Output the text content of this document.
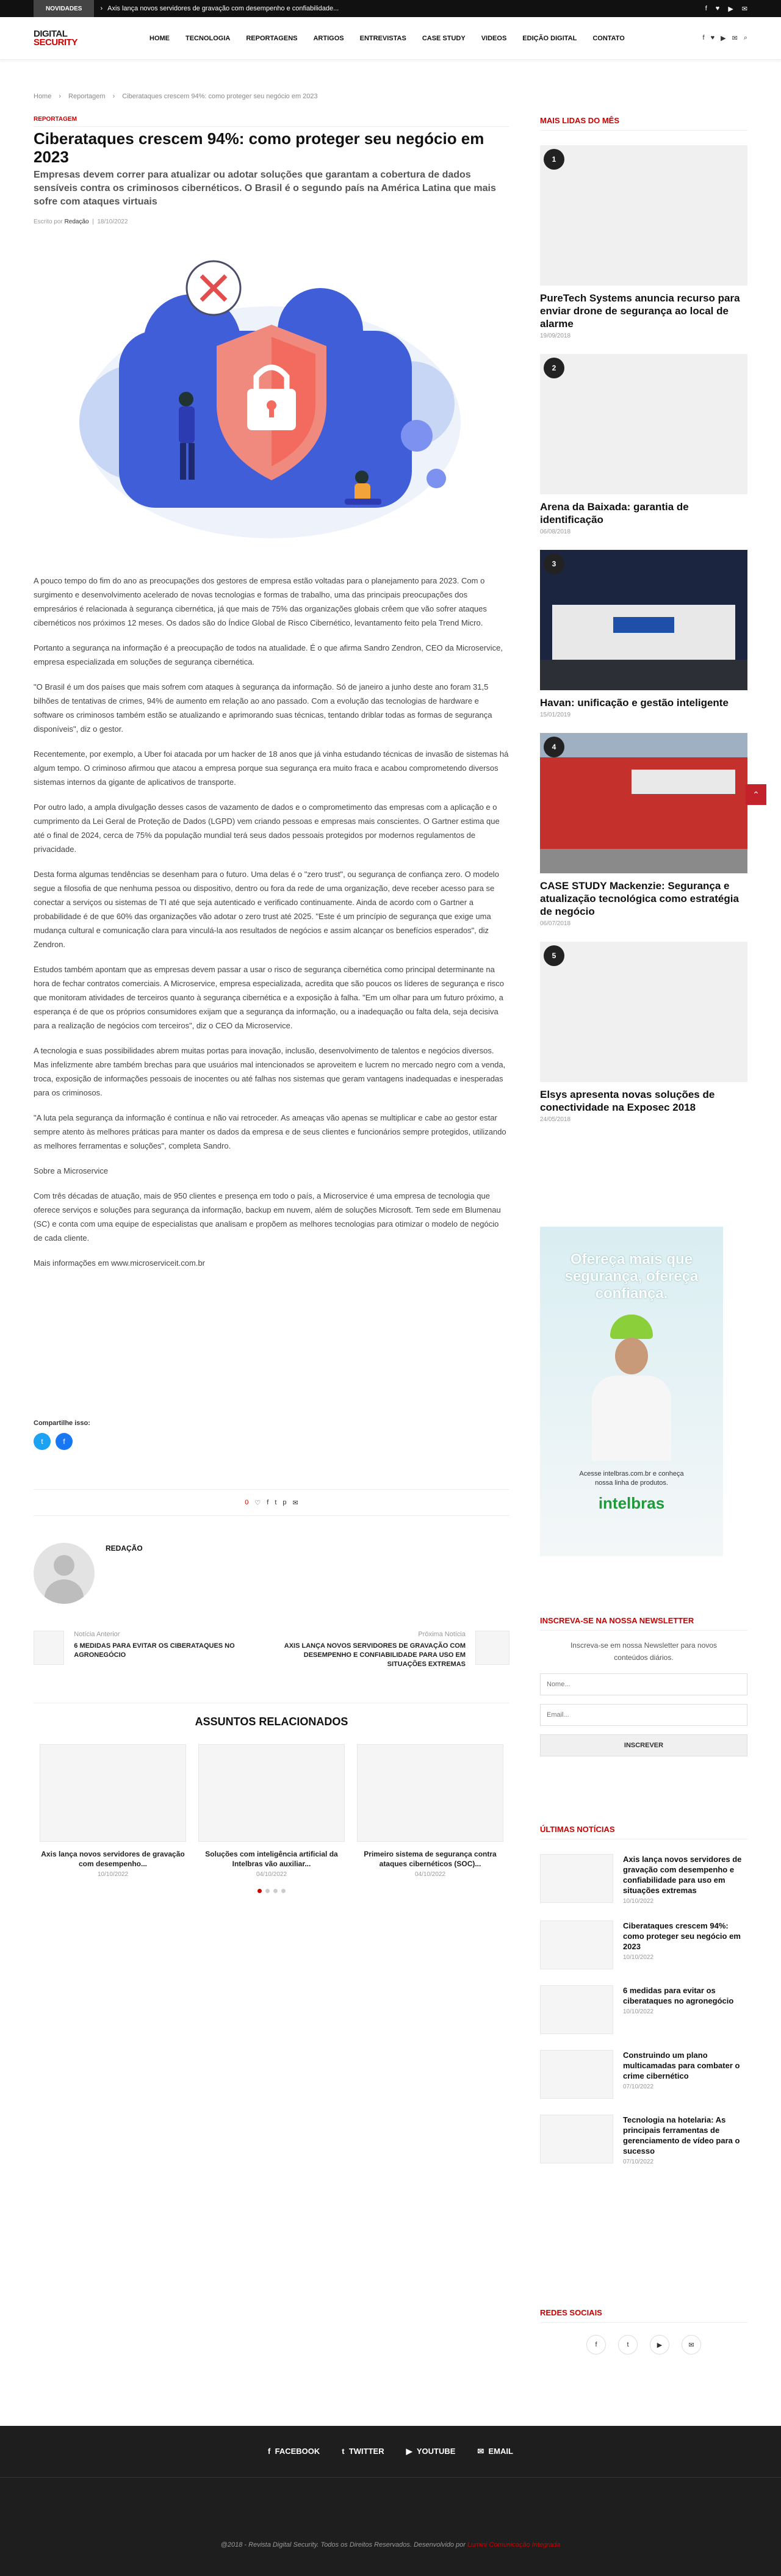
NOVIDADES	› Axis lança novos servidores de gravação com desempenho e confiabilidade...	f ♥ ▶ ✉
DIGITAL
SECURITY	HOME TECNOLOGIA REPORTAGENS ARTIGOS ENTREVISTAS CASE STUDY VIDEOS EDIÇÃO DIGITAL CONTATO	f ♥ ▶ ✉ ⌕
Home › Reportagem › Ciberataques crescem 94%: como proteger seu negócio em 2023
REPORTAGEM
Ciberataques crescem 94%: como proteger seu negócio em 2023
Empresas devem correr para atualizar ou adotar soluções que garantam a cobertura de dados sensíveis contra os criminosos cibernéticos. O Brasil é o segundo país na América Latina que mais sofre com ataques virtuais
Escrito por Redação  |  18/10/2022

A pouco tempo do fim do ano as preocupações dos gestores de empresa estão voltadas para o planejamento para 2023. Com o surgimento e desenvolvimento acelerado de novas tecnologias e formas de trabalho, uma das principais preocupações dos empresários é relacionada à segurança cibernética, já que mais de 75% das organizações globais crêem que vão sofrer ataques cibernéticos nos próximos 12 meses. Os dados são do Índice Global de Risco Cibernético, levantamento feito pela Trend Micro.

Portanto a segurança na informação é a preocupação de todos na atualidade. É o que afirma Sandro Zendron, CEO da Microservice, empresa especializada em soluções de segurança cibernética.

"O Brasil é um dos países que mais sofrem com ataques à segurança da informação. Só de janeiro a junho deste ano foram 31,5 bilhões de tentativas de crimes, 94% de aumento em relação ao ano passado. Com a evolução das tecnologias de hardware e software os criminosos também estão se atualizando e aprimorando suas técnicas, tentando driblar todas as formas de segurança disponíveis", diz o gestor.

Recentemente, por exemplo, a Uber foi atacada por um hacker de 18 anos que já vinha estudando técnicas de invasão de sistemas há algum tempo. O criminoso afirmou que atacou a empresa porque sua segurança era muito fraca e acabou comprometendo diversos sistemas internos da gigante de aplicativos de transporte.

Por outro lado, a ampla divulgação desses casos de vazamento de dados e o comprometimento das empresas com a aplicação e o cumprimento da Lei Geral de Proteção de Dados (LGPD) vem criando pessoas e empresas mais conscientes. O Gartner estima que até o final de 2024, cerca de 75% da população mundial terá seus dados pessoais protegidos por modernos regulamentos de privacidade.

Desta forma algumas tendências se desenham para o futuro. Uma delas é o "zero trust", ou segurança de confiança zero. O modelo segue a filosofia de que nenhuma pessoa ou dispositivo, dentro ou fora da rede de uma organização, deve receber acesso para se conectar a serviços ou sistemas de TI até que seja autenticado e verificado continuamente. Ainda de acordo com o Gartner a probabilidade é de que 60% das organizações vão adotar o zero trust até 2025. "Este é um princípio de segurança que exige uma mudança cultural e comunicação clara para vinculá-la aos resultados de negócios e assim alcançar os benefícios esperados", diz Zendron.

Estudos também apontam que as empresas devem passar a usar o risco de segurança cibernética como principal determinante na hora de fechar contratos comerciais. A Microservice, empresa especializada, acredita que são poucos os líderes de segurança e risco que monitoram atividades de terceiros quanto à segurança cibernética e a exposição à falha. "Em um olhar para um futuro próximo, a esperança é de que os próprios consumidores exijam que a segurança da informação, ou a inadequação ou falta dela, seja decisiva para a realização de negócios com terceiros", diz o CEO da Microservice.

A tecnologia e suas possibilidades abrem muitas portas para inovação, inclusão, desenvolvimento de talentos e negócios diversos. Mas infelizmente abre também brechas para que usuários mal intencionados se aproveitem e lucrem no mercado negro com a venda, troca, exposição de informações pessoais de inocentes ou até falhas nos sistemas que geram vantagens inadequadas e inesperadas para os criminosos.

"A luta pela segurança da informação é contínua e não vai retroceder. As ameaças vão apenas se multiplicar e cabe ao gestor estar sempre atento às melhores práticas para manter os dados da empresa e de seus clientes e funcionários sempre protegidos, utilizando as melhores ferramentas e soluções", completa Sandro.

Sobre a Microservice

Com três décadas de atuação, mais de 950 clientes e presença em todo o país, a Microservice é uma empresa de tecnologia que oferece serviços e soluções para segurança da informação, backup em nuvem, além de soluções Microsoft. Tem sede em Blumenau (SC) e conta com uma equipe de especialistas que analisam e propõem as melhores tecnologias para otimizar o modelo de negócio de cada cliente.

Mais informações em www.microserviceit.com.br

Compartilhe isso:
t	f
0 ♡ f t p ✉
REDAÇÃO
Notícia Anterior
6 MEDIDAS PARA EVITAR OS CIBERATAQUES NO AGRONEGÓCIO
Próxima Notícia
AXIS LANÇA NOVOS SERVIDORES DE GRAVAÇÃO COM DESEMPENHO E CONFIABILIDADE PARA USO EM SITUAÇÕES EXTREMAS
ASSUNTOS RELACIONADOS
Axis lança novos servidores de gravação com desempenho...
10/10/2022
Soluções com inteligência artificial da Intelbras vão auxiliar...
04/10/2022
Primeiro sistema de segurança contra ataques cibernéticos (SOC)...
04/10/2022
MAIS LIDAS DO MÊS
1
PureTech Systems anuncia recurso para enviar drone de segurança ao local de alarme
19/09/2018
2
Arena da Baixada: garantia de identificação
06/08/2018
3
Havan: unificação e gestão inteligente
15/01/2019
4
CASE STUDY Mackenzie: Segurança e atualização tecnológica como estratégia de negócio
06/07/2018
5
Elsys apresenta novas soluções de conectividade na Exposec 2018
24/05/2018
Ofereça mais que segurança, ofereça confiança.
Acesse intelbras.com.br e conheça nossa linha de produtos.
intelbras
INSCREVA-SE NA NOSSA NEWSLETTER
Inscreva-se em nossa Newsletter para novos conteúdos diários.
Nome...
Email...
INSCREVER
ÚLTIMAS NOTÍCIAS
Axis lança novos servidores de gravação com desempenho e confiabilidade para uso em situações extremas
10/10/2022
Ciberataques crescem 94%: como proteger seu negócio em 2023
10/10/2022
6 medidas para evitar os ciberataques no agronegócio
10/10/2022
Construindo um plano multicamadas para combater o crime cibernético
07/10/2022
Tecnologia na hotelaria: As principais ferramentas de gerenciamento de vídeo para o sucesso
07/10/2022
REDES SOCIAIS
f	t	▶	✉
⌃
f  FACEBOOK	t  TWITTER	▶  YOUTUBE	✉  EMAIL
@2018 - Revista Digital Security. Todos os Direitos Reservados. Desenvolvido por Lumini Comunicação Integrada
